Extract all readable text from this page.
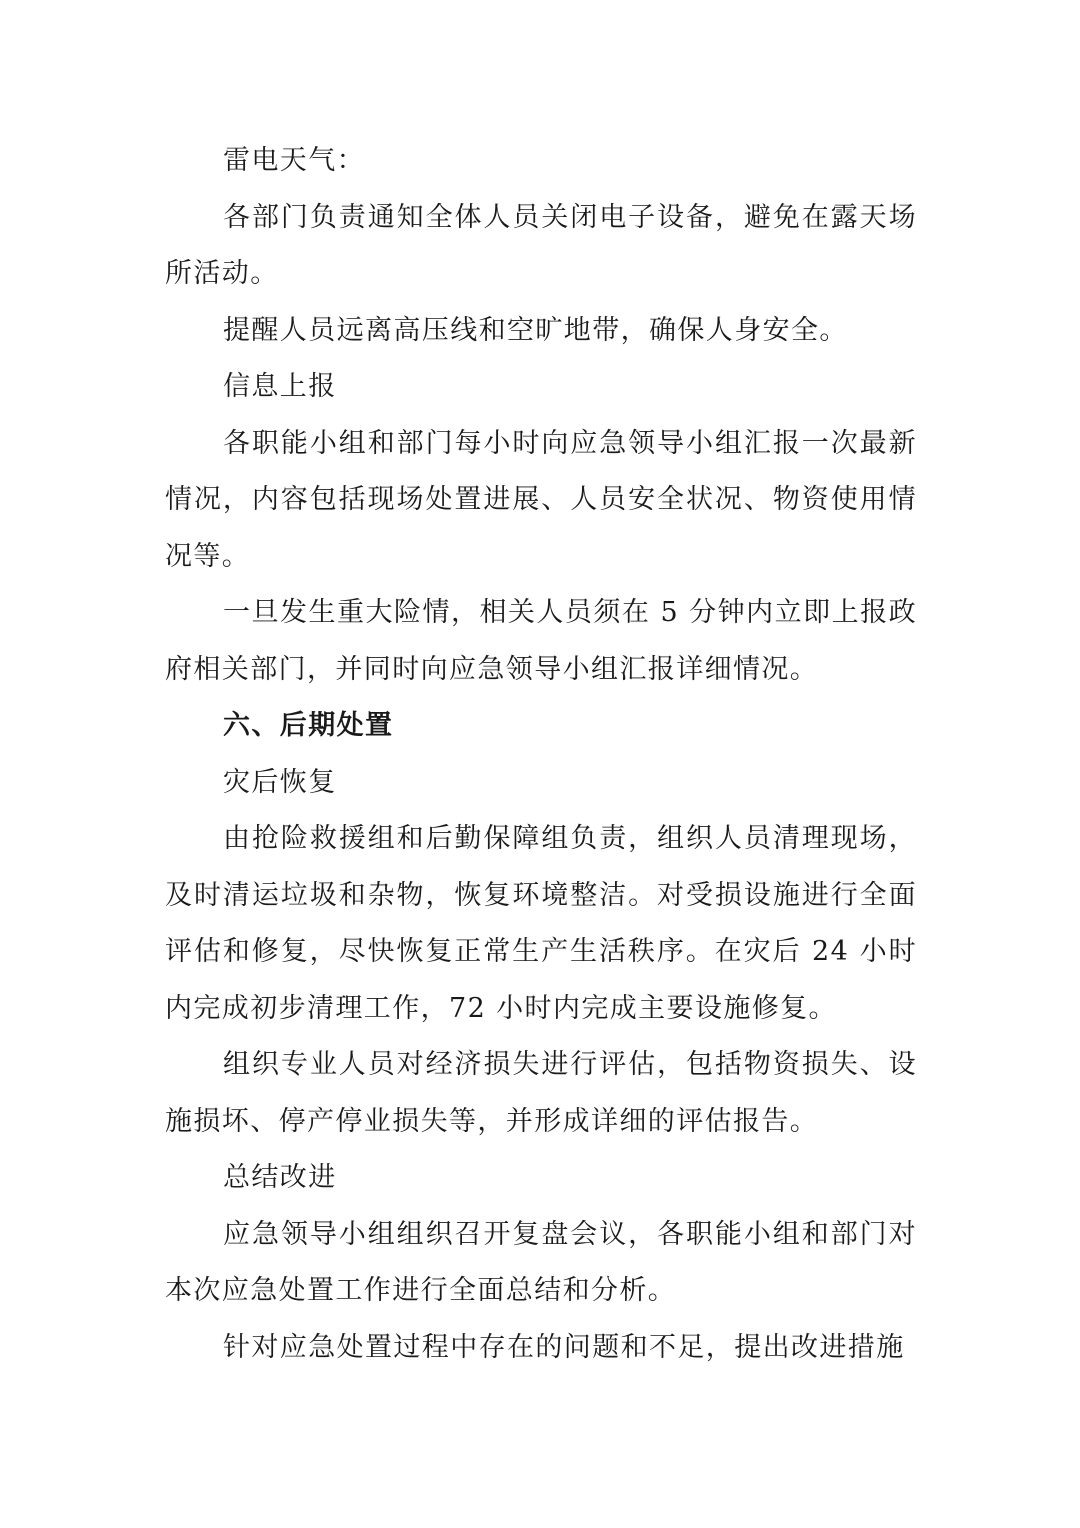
雷电天气：

各部门负责通知全体人员关闭电子设备，避免在露天场所活动。

提醒人员远离高压线和空旷地带，确保人身安全。

信息上报

各职能小组和部门每小时向应急领导小组汇报一次最新情况，内容包括现场处置进展、人员安全状况、物资使用情况等。

一旦发生重大险情，相关人员须在 5 分钟内立即上报政府相关部门，并同时向应急领导小组汇报详细情况。

六、后期处置

灾后恢复

由抢险救援组和后勤保障组负责，组织人员清理现场，及时清运垃圾和杂物，恢复环境整洁。对受损设施进行全面评估和修复，尽快恢复正常生产生活秩序。在灾后 24 小时内完成初步清理工作，72 小时内完成主要设施修复。

组织专业人员对经济损失进行评估，包括物资损失、设施损坏、停产停业损失等，并形成详细的评估报告。

总结改进

应急领导小组组织召开复盘会议，各职能小组和部门对本次应急处置工作进行全面总结和分析。

针对应急处置过程中存在的问题和不足，提出改进措施
